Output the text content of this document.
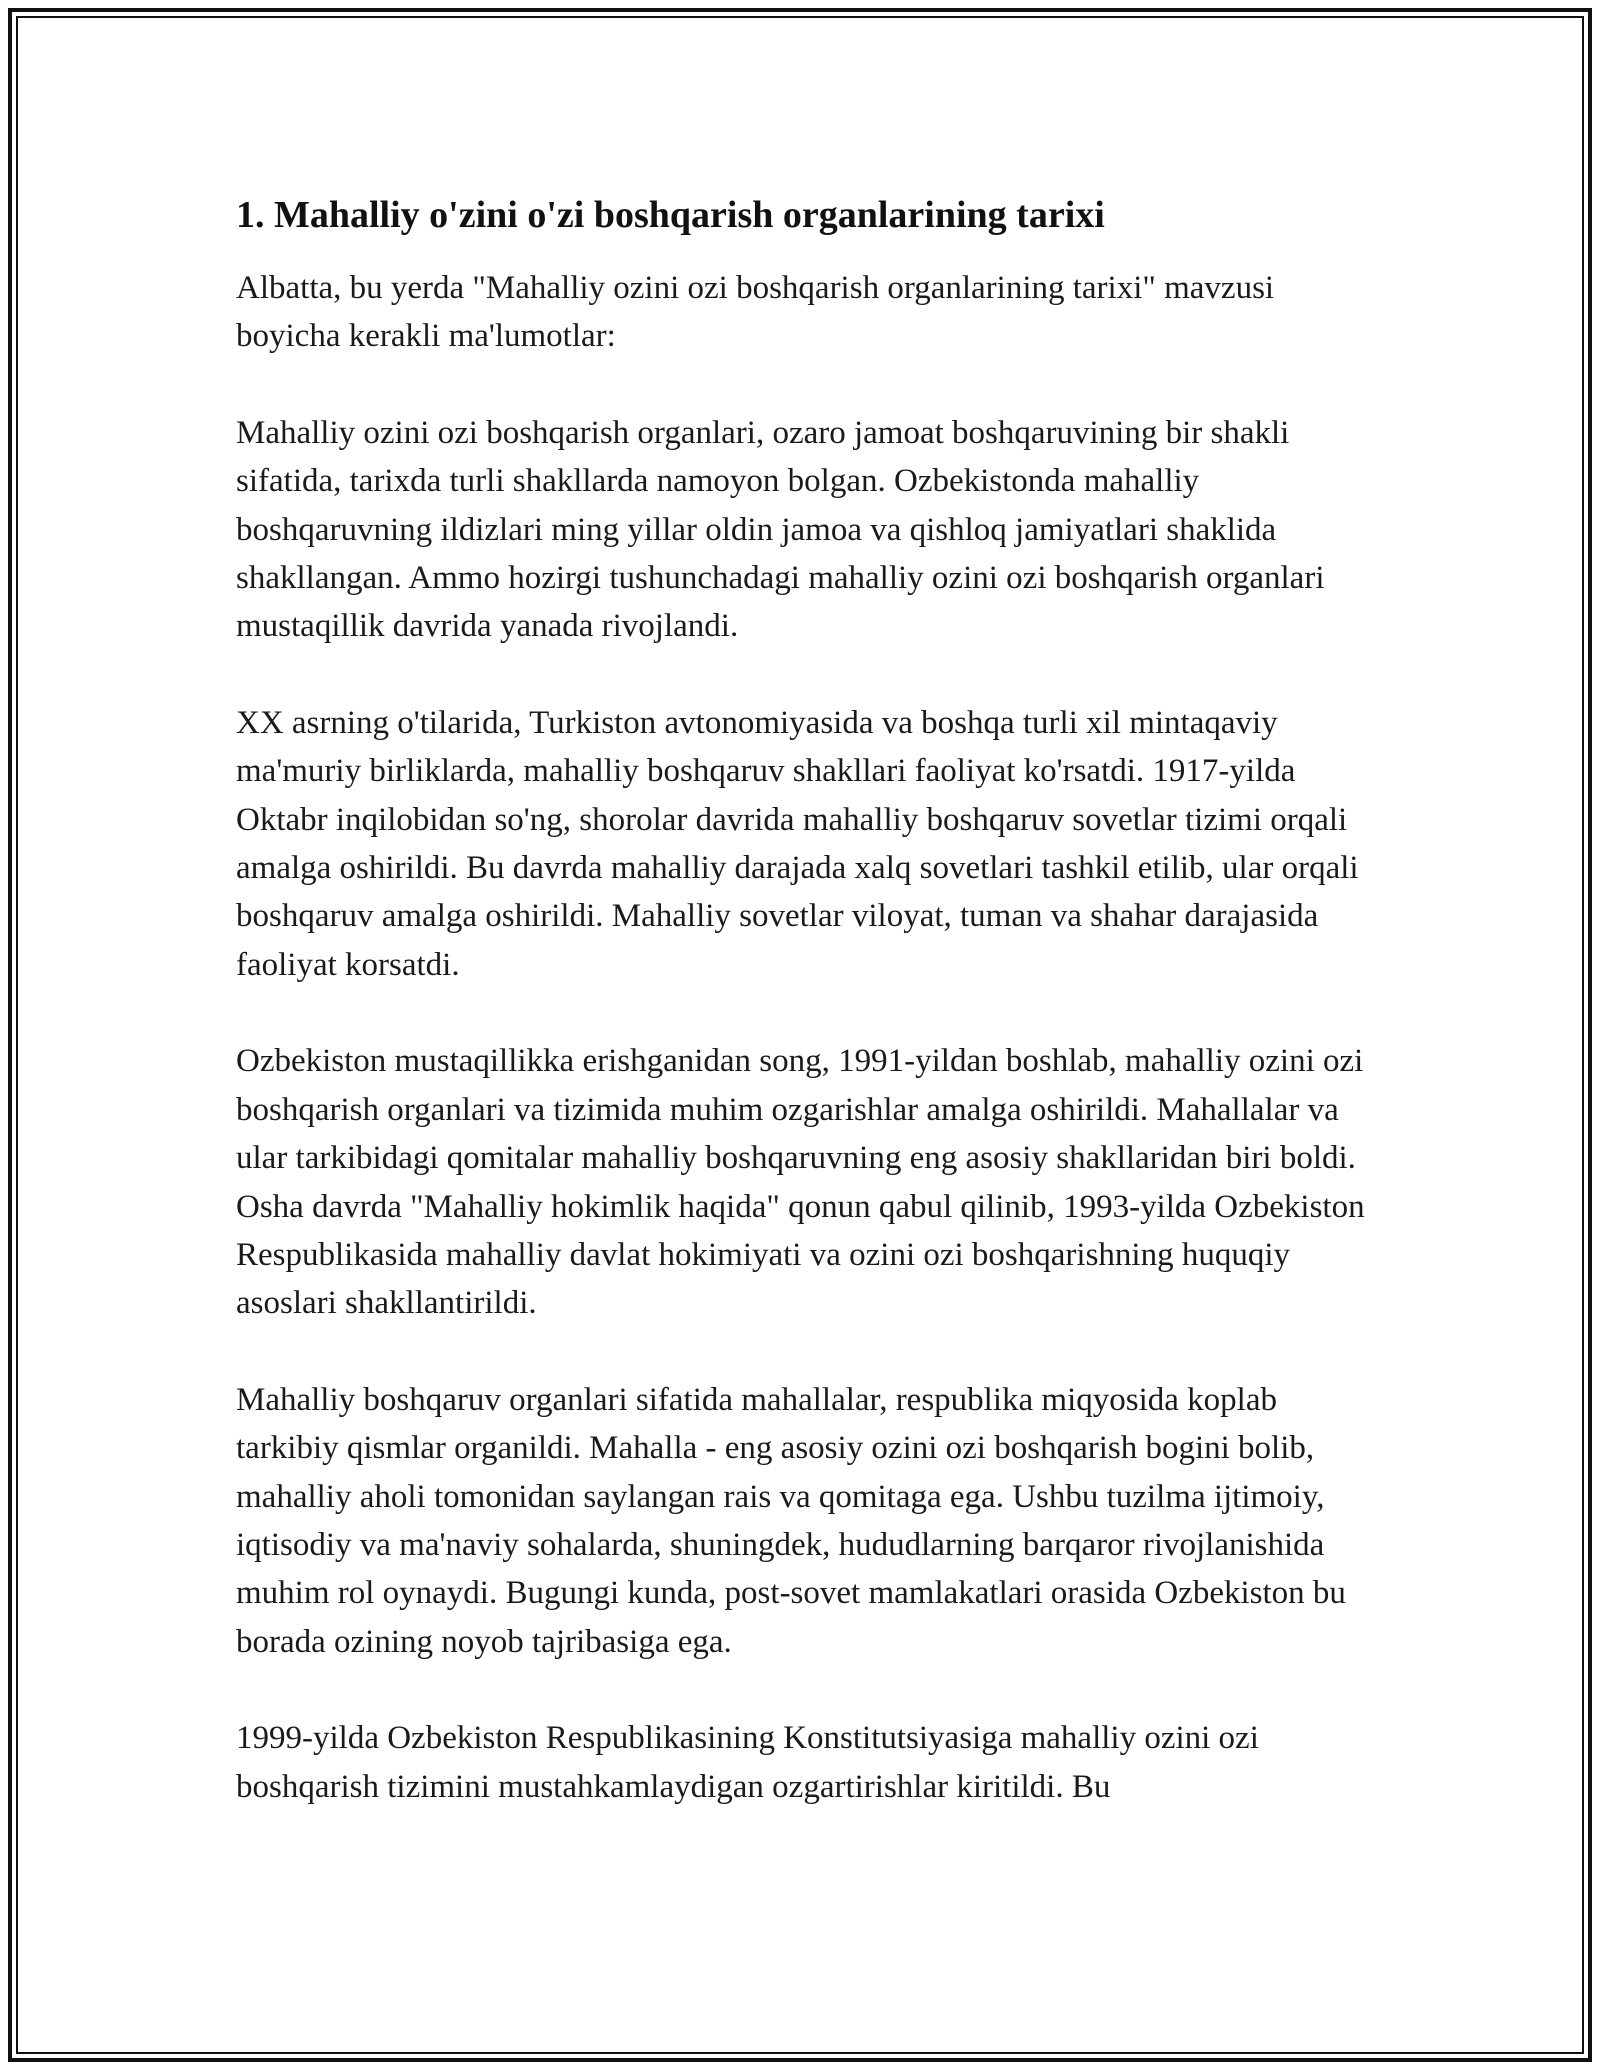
1. Mahalliy o'zini o'zi boshqarish organlarining tarixi

Albatta, bu yerda "Mahalliy ozini ozi boshqarish organlarining tarixi" mavzusi boyicha kerakli ma'lumotlar:

Mahalliy ozini ozi boshqarish organlari, ozaro jamoat boshqaruvining bir shakli sifatida, tarixda turli shakllarda namoyon bolgan. Ozbekistonda mahalliy boshqaruvning ildizlari ming yillar oldin jamoa va qishloq jamiyatlari shaklida shakllangan. Ammo hozirgi tushunchadagi mahalliy ozini ozi boshqarish organlari mustaqillik davrida yanada rivojlandi.

XX asrning o'tilarida, Turkiston avtonomiyasida va boshqa turli xil mintaqaviy ma'muriy birliklarda, mahalliy boshqaruv shakllari faoliyat ko'rsatdi. 1917-yilda Oktabr inqilobidan so'ng, shorolar davrida mahalliy boshqaruv sovetlar tizimi orqali amalga oshirildi. Bu davrda mahalliy darajada xalq sovetlari tashkil etilib, ular orqali boshqaruv amalga oshirildi. Mahalliy sovetlar viloyat, tuman va shahar darajasida faoliyat korsatdi.

Ozbekiston mustaqillikka erishganidan song, 1991-yildan boshlab, mahalliy ozini ozi boshqarish organlari va tizimida muhim ozgarishlar amalga oshirildi. Mahallalar va ular tarkibidagi qomitalar mahalliy boshqaruvning eng asosiy shakllaridan biri boldi. Osha davrda "Mahalliy hokimlik haqida" qonun qabul qilinib, 1993-yilda Ozbekiston Respublikasida mahalliy davlat hokimiyati va ozini ozi boshqarishning huquqiy asoslari shakllantirildi.

Mahalliy boshqaruv organlari sifatida mahallalar, respublika miqyosida koplab tarkibiy qismlar organildi. Mahalla - eng asosiy ozini ozi boshqarish bogini bolib, mahalliy aholi tomonidan saylangan rais va qomitaga ega. Ushbu tuzilma ijtimoiy, iqtisodiy va ma'naviy sohalarda, shuningdek, hududlarning barqaror rivojlanishida muhim rol oynaydi. Bugungi kunda, post-sovet mamlakatlari orasida Ozbekiston bu borada ozining noyob tajribasiga ega.

1999-yilda Ozbekiston Respublikasining Konstitutsiyasiga mahalliy ozini ozi boshqarish tizimini mustahkamlaydigan ozgartirishlar kiritildi. Bu
